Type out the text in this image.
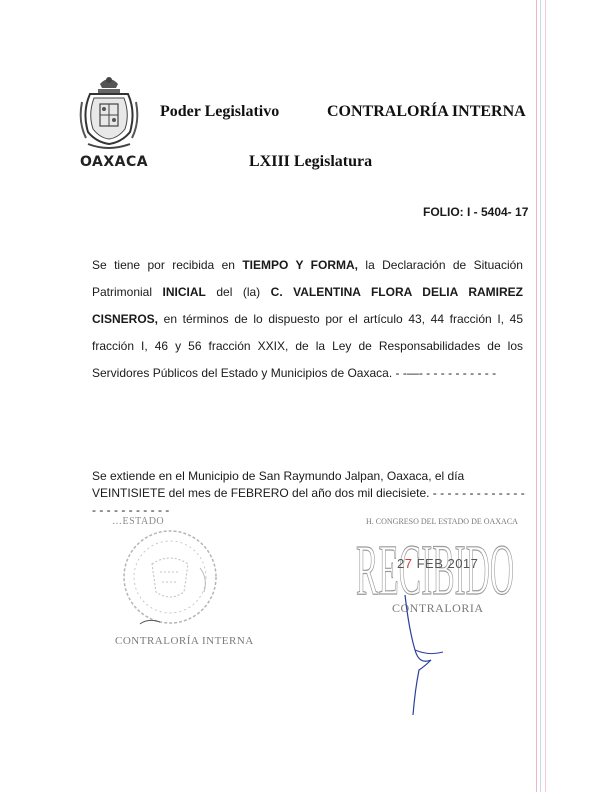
OAXACA
Poder Legislativo	CONTRALORÍA INTERNA
LXIII Legislatura
FOLIO: I - 5404- 17

Se tiene por recibida en TIEMPO Y FORMA, la Declaración de Situación
Patrimonial INICIAL del (la) C. VALENTINA FLORA DELIA RAMIREZ
CISNEROS, en términos de lo dispuesto por el artículo 43, 44 fracción I, 45
fracción I, 46 y 56 fracción XXIX, de la Ley de Responsabilidades de los
Servidores Públicos del Estado y Municipios de Oaxaca. - -—- - - - - - - - - - -

Se extiende en el Municipio de San Raymundo Jalpan, Oaxaca, el día
VEINTISIETE del mes de FEBRERO del año dos mil diecisiete. - - - - - - - - - - - - -
- - - - - - - - - - -

…ESTADO
CONTRALORÍA INTERNA
H. CONGRESO DEL ESTADO DE OAXACA
RECIBIDO
27 FEB 2017
CONTRALORIA
